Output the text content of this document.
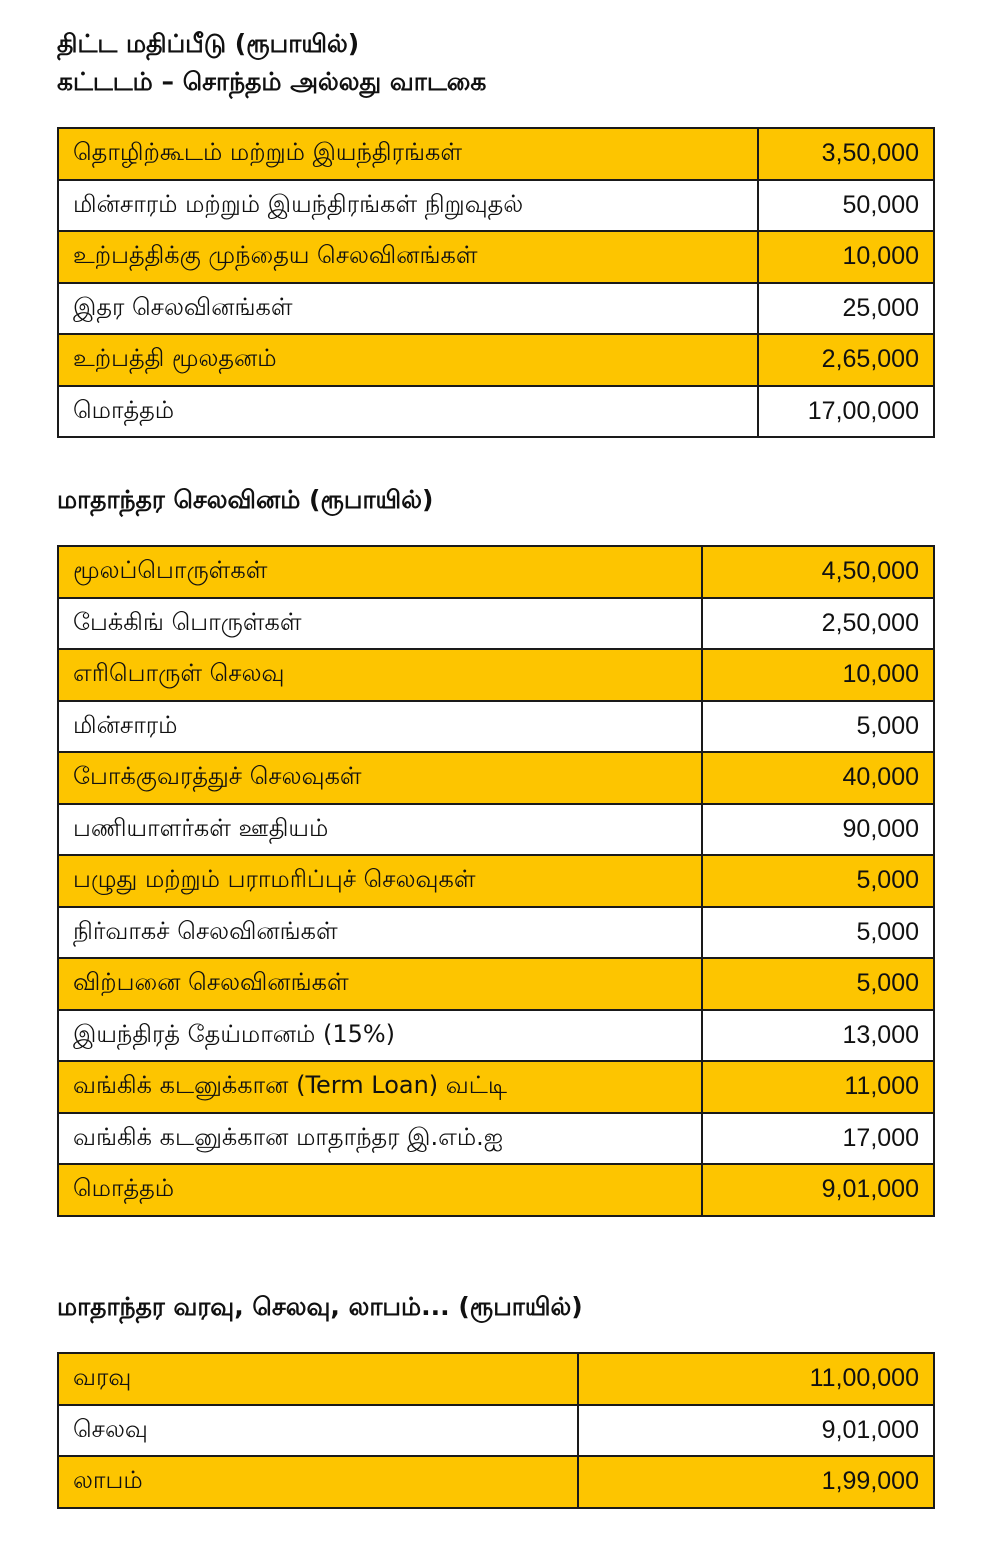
திட்ட மதிப்பீடு (ரூபாயில்)
கட்டடம் – சொந்தம் அல்லது வாடகை
தொழிற்கூடம் மற்றும் இயந்திரங்கள்	3,50,000
மின்சாரம் மற்றும் இயந்திரங்கள் நிறுவுதல்	50,000
உற்பத்திக்கு முந்தைய செலவினங்கள்	10,000
இதர செலவினங்கள்	25,000
உற்பத்தி மூலதனம்	2,65,000
மொத்தம்	17,00,000
மாதாந்தர செலவினம் (ரூபாயில்)
மூலப்பொருள்கள்	4,50,000
பேக்கிங் பொருள்கள்	2,50,000
எரிபொருள் செலவு	10,000
மின்சாரம்	5,000
போக்குவரத்துச் செலவுகள்	40,000
பணியாளர்கள் ஊதியம்	90,000
பழுது மற்றும் பராமரிப்புச் செலவுகள்	5,000
நிர்வாகச் செலவினங்கள்	5,000
விற்பனை செலவினங்கள்	5,000
இயந்திரத் தேய்மானம் (15%)	13,000
வங்கிக் கடனுக்கான (Term Loan) வட்டி	11,000
வங்கிக் கடனுக்கான மாதாந்தர இ.எம்.ஐ	17,000
மொத்தம்	9,01,000
மாதாந்தர வரவு, செலவு, லாபம்... (ரூபாயில்)
வரவு	11,00,000
செலவு	9,01,000
லாபம்	1,99,000
